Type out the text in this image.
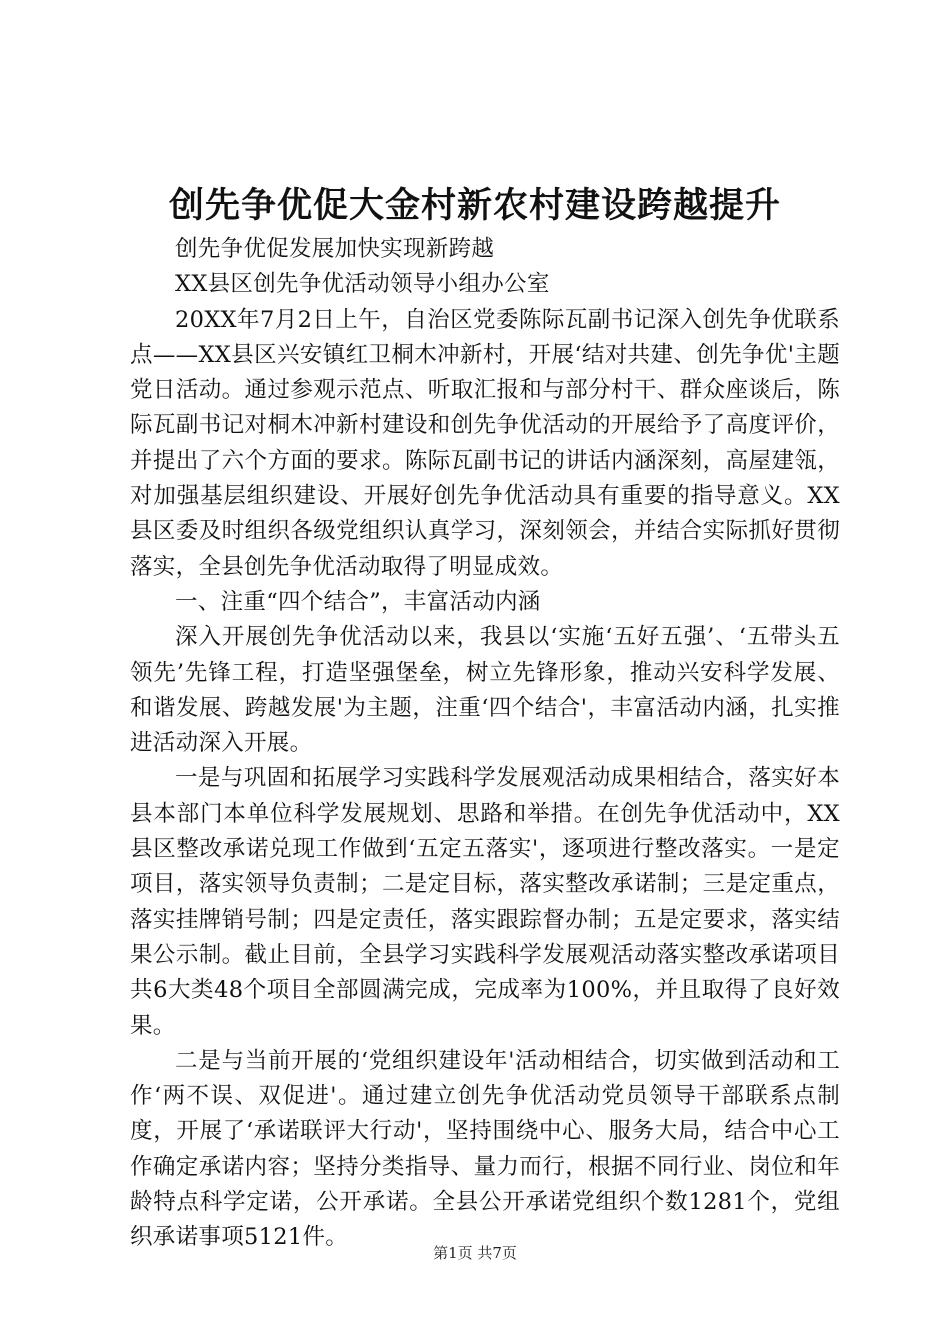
创先争优促大金村新农村建设跨越提升

创先争优促发展加快实现新跨越

XX县区创先争优活动领导小组办公室

20XX年7月2日上午，自治区党委陈际瓦副书记深入创先争优联系点——XX县区兴安镇红卫桐木冲新村，开展‘结对共建、创先争优'主题党日活动。通过参观示范点、听取汇报和与部分村干、群众座谈后，陈际瓦副书记对桐木冲新村建设和创先争优活动的开展给予了高度评价，并提出了六个方面的要求。陈际瓦副书记的讲话内涵深刻，高屋建瓴，对加强基层组织建设、开展好创先争优活动具有重要的指导意义。XX县区委及时组织各级党组织认真学习，深刻领会，并结合实际抓好贯彻落实，全县创先争优活动取得了明显成效。

一、注重“四个结合”，丰富活动内涵

深入开展创先争优活动以来，我县以‘实施‘五好五强’、‘五带头五领先’先锋工程，打造坚强堡垒，树立先锋形象，推动兴安科学发展、和谐发展、跨越发展'为主题，注重‘四个结合'，丰富活动内涵，扎实推进活动深入开展。

一是与巩固和拓展学习实践科学发展观活动成果相结合，落实好本县本部门本单位科学发展规划、思路和举措。在创先争优活动中，XX县区整改承诺兑现工作做到‘五定五落实'，逐项进行整改落实。一是定项目，落实领导负责制；二是定目标，落实整改承诺制；三是定重点，落实挂牌销号制；四是定责任，落实跟踪督办制；五是定要求，落实结果公示制。截止目前，全县学习实践科学发展观活动落实整改承诺项目共6大类48个项目全部圆满完成，完成率为100%，并且取得了良好效果。

二是与当前开展的‘党组织建设年'活动相结合，切实做到活动和工作‘两不误、双促进'。通过建立创先争优活动党员领导干部联系点制度，开展了‘承诺联评大行动'，坚持围绕中心、服务大局，结合中心工作确定承诺内容；坚持分类指导、量力而行，根据不同行业、岗位和年龄特点科学定诺，公开承诺。全县公开承诺党组织个数1281个，党组织承诺事项5121件。

第1页 共7页
